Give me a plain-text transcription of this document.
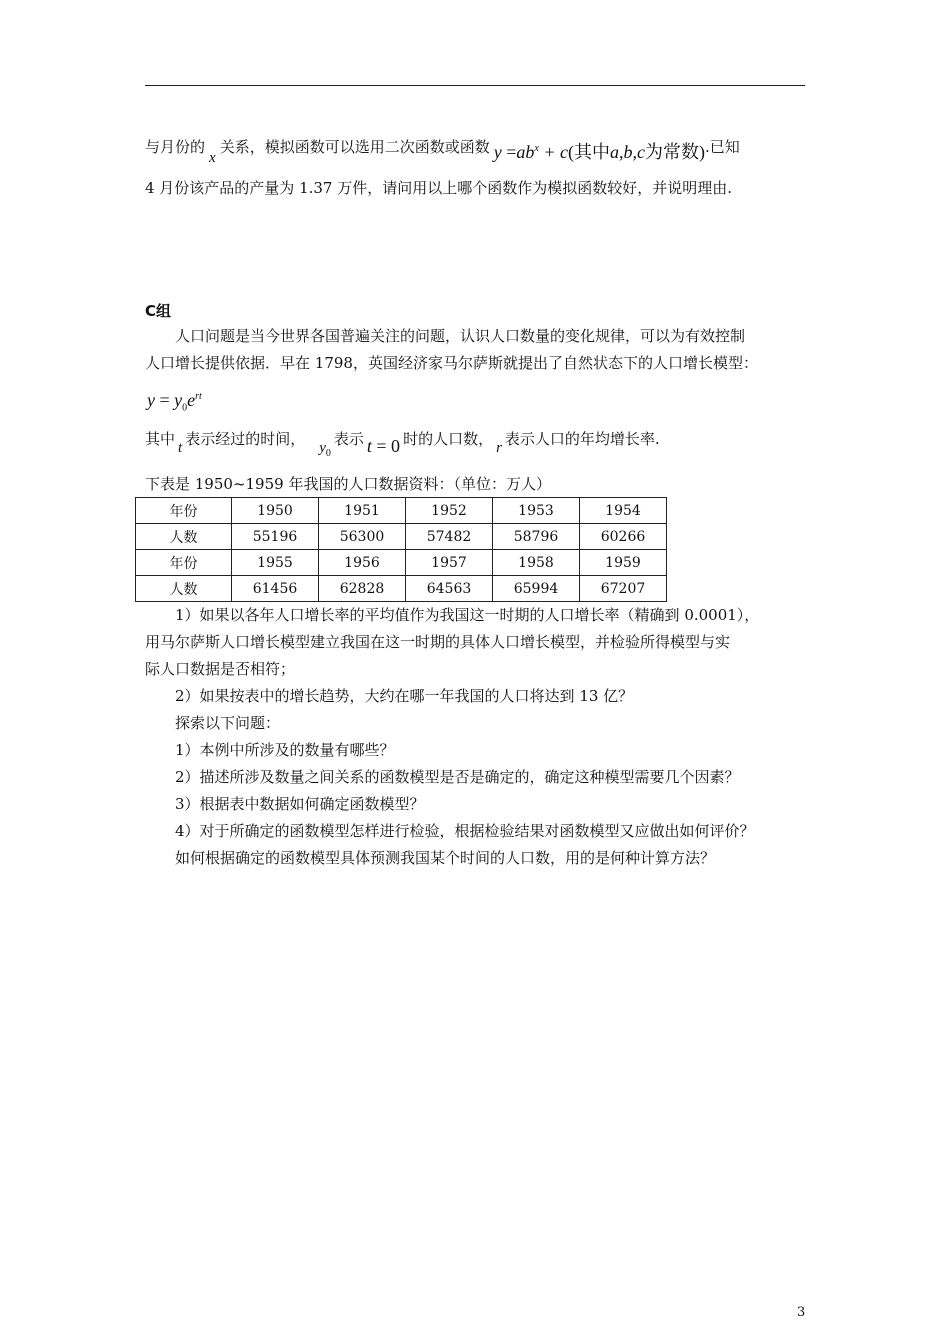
与月份的x关系，模拟函数可以选用二次函数或函数 $y =ab^x + c$(其中a,b,c为常数).已知
4 月份该产品的产量为 1.37 万件，请问用以上哪个函数作为模拟函数较好，并说明理由.
C组
人口问题是当今世界各国普遍关注的问题，认识人口数量的变化规律，可以为有效控制
人口增长提供依据．早在 1798，英国经济家马尔萨斯就提出了自然状态下的人口增长模型：
$y = y_0e^{rt}$
其中 t 表示经过的时间， $y_0$表示 t = 0 时的人口数， r 表示人口的年均增长率.
下表是 1950~1959 年我国的人口数据资料：（单位：万人）
年份	1950	1951	1952	1953	1954
人数	55196	56300	57482	58796	60266
年份	1955	1956	1957	1958	1959
人数	61456	62828	64563	65994	67207
1）如果以各年人口增长率的平均值作为我国这一时期的人口增长率（精确到 0.0001），
用马尔萨斯人口增长模型建立我国在这一时期的具体人口增长模型，并检验所得模型与实
际人口数据是否相符；
2）如果按表中的增长趋势，大约在哪一年我国的人口将达到 13 亿？
探索以下问题：
1）本例中所涉及的数量有哪些？
2）描述所涉及数量之间关系的函数模型是否是确定的，确定这种模型需要几个因素？
3）根据表中数据如何确定函数模型？
4）对于所确定的函数模型怎样进行检验，根据检验结果对函数模型又应做出如何评价？
如何根据确定的函数模型具体预测我国某个时间的人口数，用的是何种计算方法？
3
